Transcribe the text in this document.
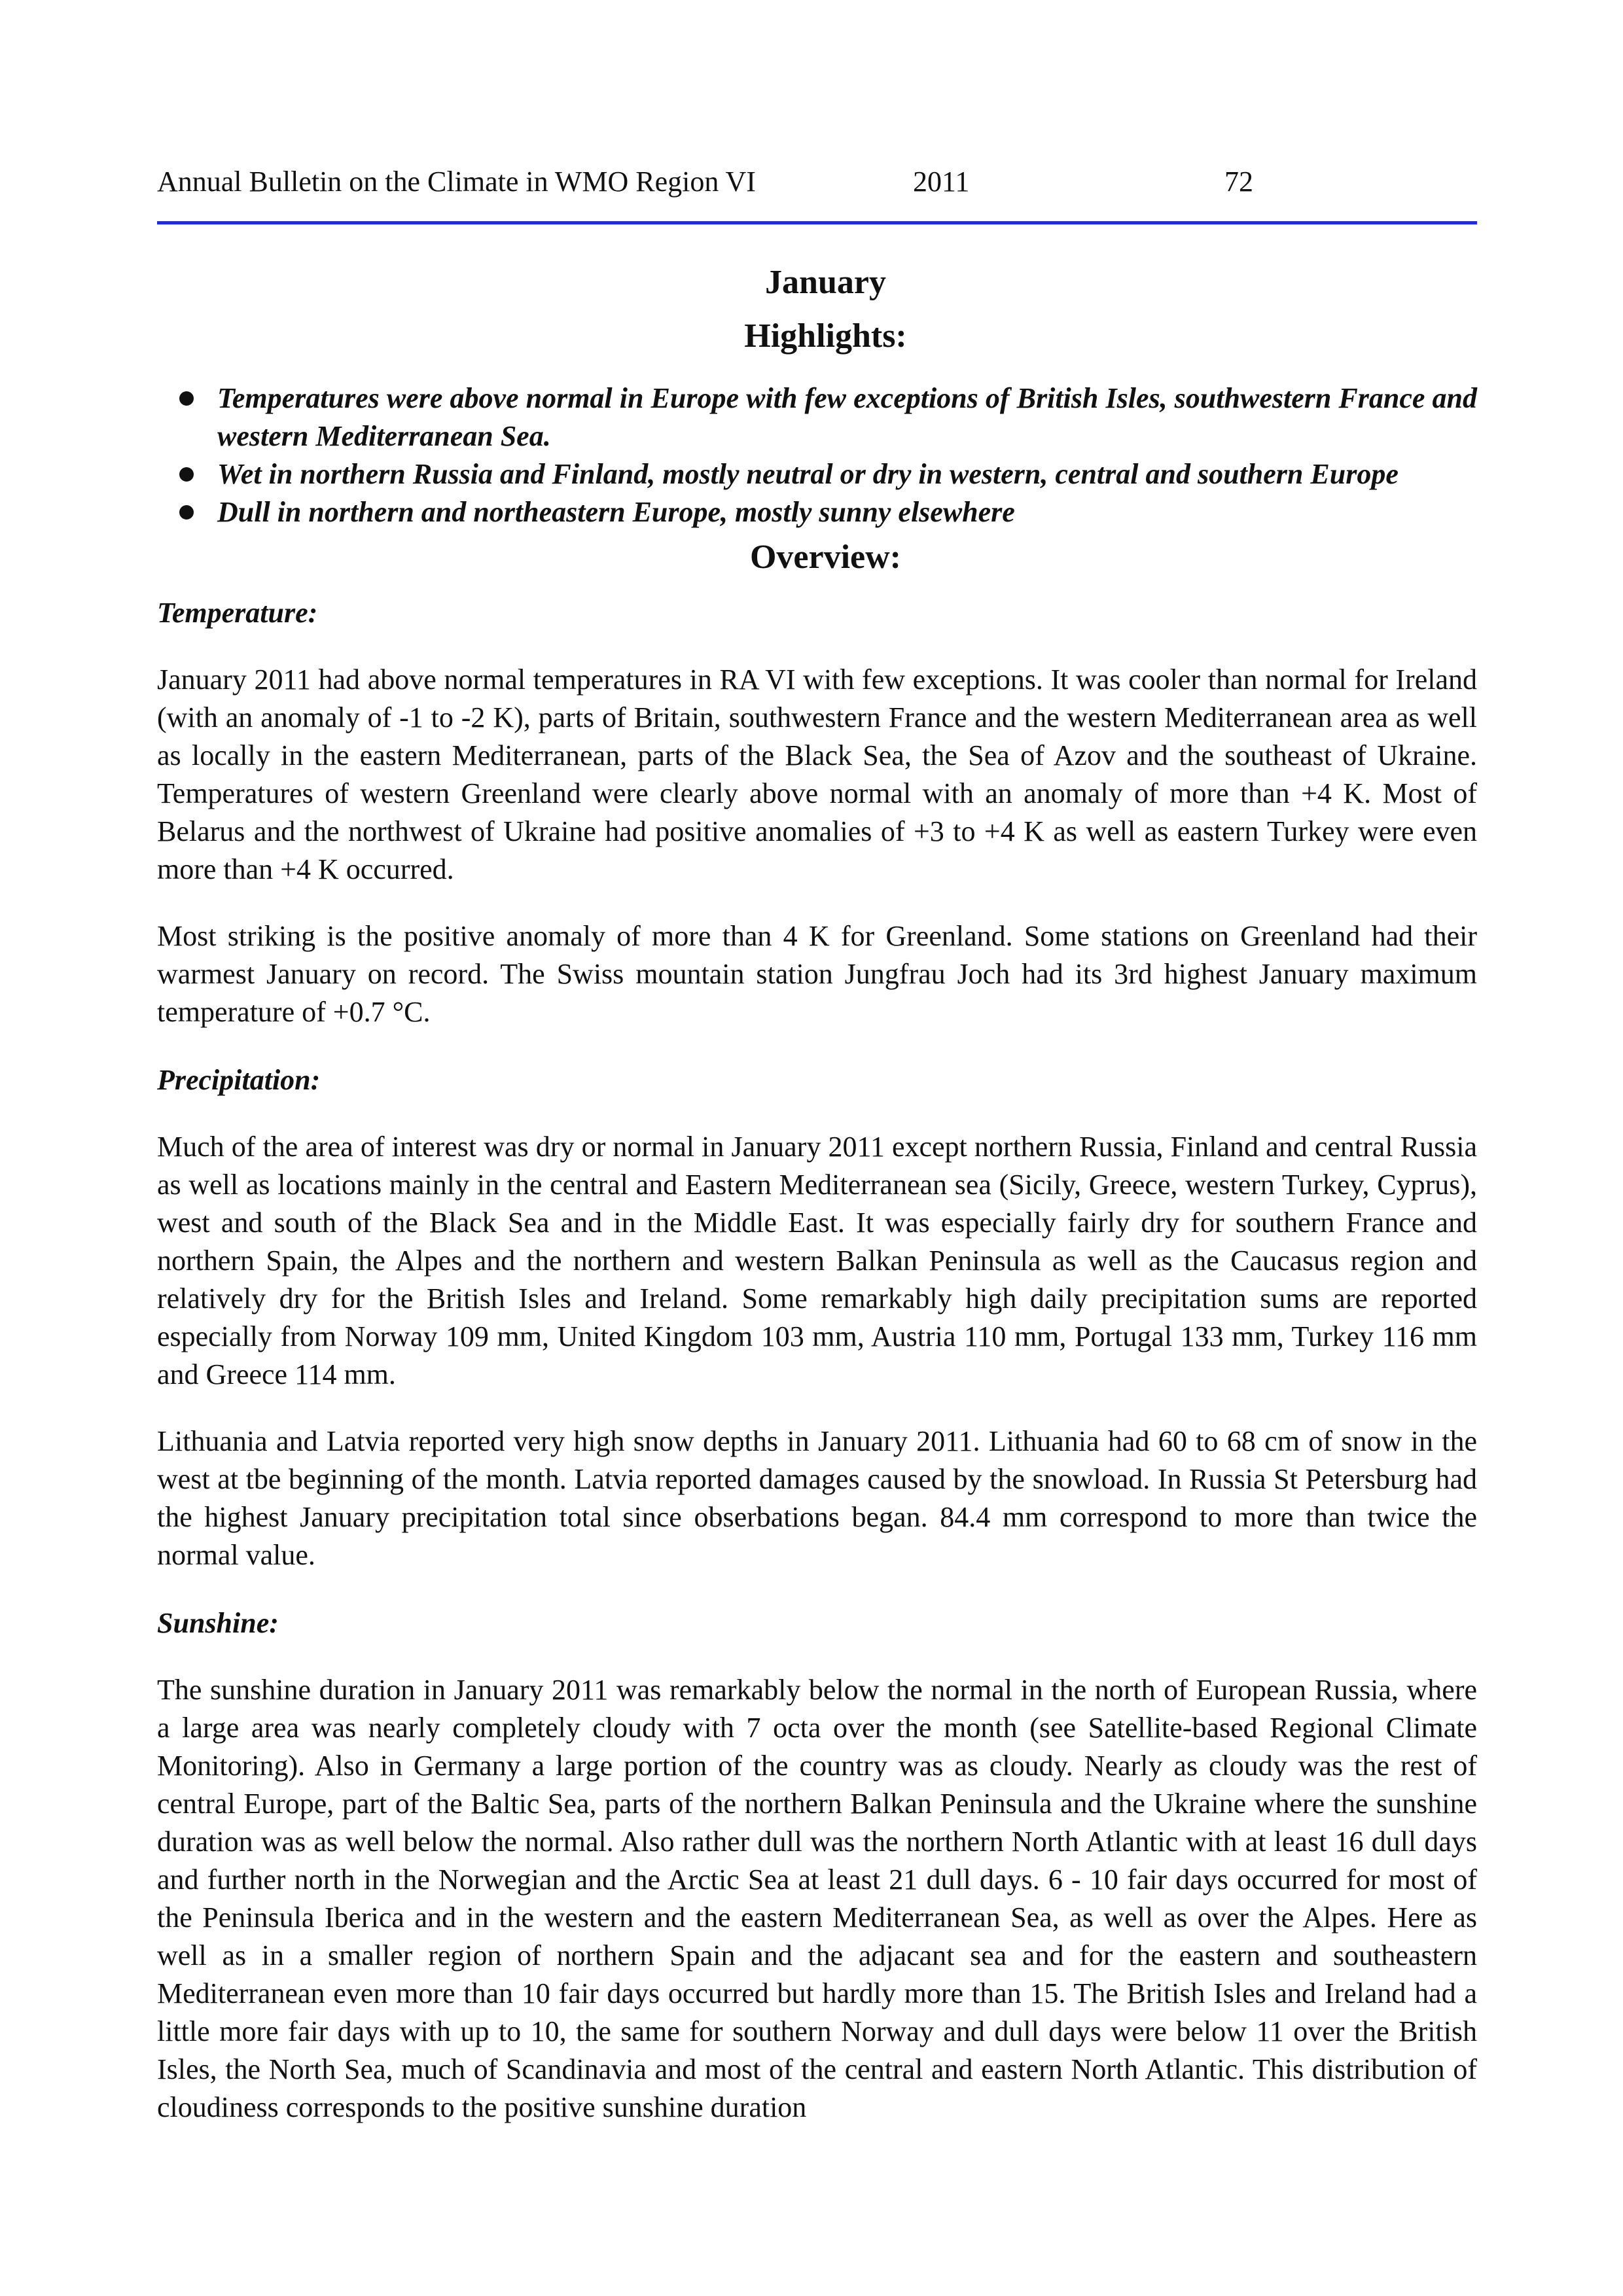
Annual Bulletin on the Climate in WMO Region VI	2011	72
January
Highlights:
Temperatures were above normal in Europe with few exceptions of British Isles, southwestern France and western Mediterranean Sea.
Wet in northern Russia and Finland, mostly neutral or dry in western, central and southern Europe
Dull in northern and northeastern Europe, mostly sunny elsewhere
Overview:
Temperature:

January 2011 had above normal temperatures in RA VI with few exceptions. It was cooler than normal for Ireland (with an anomaly of -1 to -2 K), parts of Britain, southwestern France and the western Mediterranean area as well as locally in the eastern Mediterranean, parts of the Black Sea, the Sea of Azov and the southeast of Ukraine. Temperatures of western Greenland were clearly above normal with an anomaly of more than +4 K. Most of Belarus and the northwest of Ukraine had positive anomalies of +3 to +4 K as well as eastern Turkey were even more than +4 K occurred.

Most striking is the positive anomaly of more than 4 K for Greenland. Some stations on Greenland had their warmest January on record. The Swiss mountain station Jungfrau Joch had its 3rd highest January maximum temperature of +0.7 °C.

Precipitation:

Much of the area of interest was dry or normal in January 2011 except northern Russia, Finland and central Russia as well as locations mainly in the central and Eastern Mediterranean sea (Sicily, Greece, western Turkey, Cyprus), west and south of the Black Sea and in the Middle East. It was especially fairly dry for southern France and northern Spain, the Alpes and the northern and western Balkan Peninsula as well as the Caucasus region and relatively dry for the British Isles and Ireland. Some remarkably high daily precipitation sums are reported especially from Norway 109 mm, United Kingdom 103 mm, Austria 110 mm, Portugal 133 mm, Turkey 116 mm and Greece 114 mm.

Lithuania and Latvia reported very high snow depths in January 2011. Lithuania had 60 to 68 cm of snow in the west at tbe beginning of the month. Latvia reported damages caused by the snowload. In Russia St Petersburg had the highest January precipitation total since obserbations began. 84.4 mm correspond to more than twice the normal value.

Sunshine:

The sunshine duration in January 2011 was remarkably below the normal in the north of European Russia, where a large area was nearly completely cloudy with 7 octa over the month (see Satellite-based Regional Climate Monitoring). Also in Germany a large portion of the country was as cloudy. Nearly as cloudy was the rest of central Europe, part of the Baltic Sea, parts of the northern Balkan Peninsula and the Ukraine where the sunshine duration was as well below the normal. Also rather dull was the northern North Atlantic with at least 16 dull days and further north in the Norwegian and the Arctic Sea at least 21 dull days. 6 - 10 fair days occurred for most of the Peninsula Iberica and in the western and the eastern Mediterranean Sea, as well as over the Alpes. Here as well as in a smaller region of northern Spain and the adjacant sea and for the eastern and southeastern Mediterranean even more than 10 fair days occurred but hardly more than 15. The British Isles and Ireland had a little more fair days with up to 10, the same for southern Norway and dull days were below 11 over the British Isles, the North Sea, much of Scandinavia and most of the central and eastern North Atlantic. This distribution of cloudiness corresponds to the positive sunshine duration
